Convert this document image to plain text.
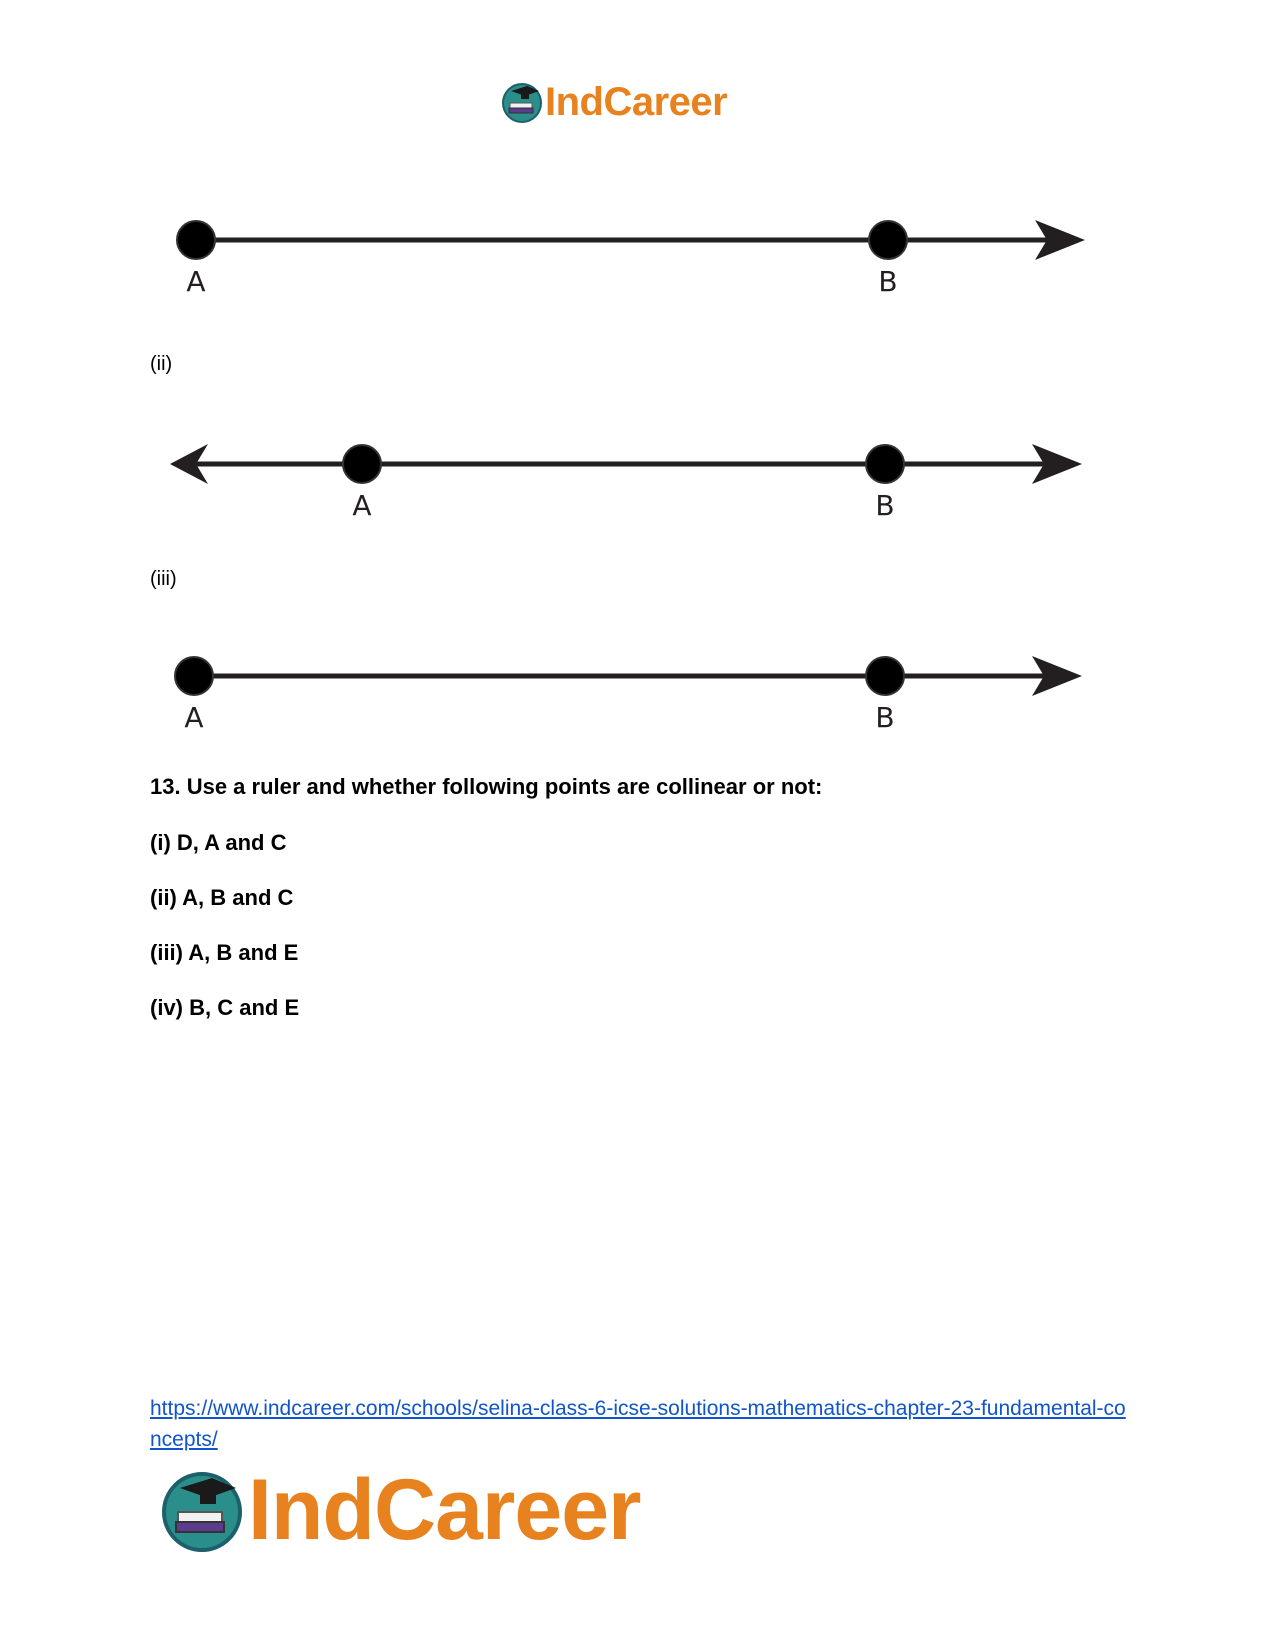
IndCareer
A	B
(ii)
A	B
(iii)
A	B
13. Use a ruler and whether following points are collinear or not:
(i) D, A and C
(ii) A, B and C
(iii) A, B and E
(iv) B, C and E
https://www.indcareer.com/schools/selina-class-6-icse-solutions-mathematics-chapter-23-fundamental-concepts/
IndCareer
